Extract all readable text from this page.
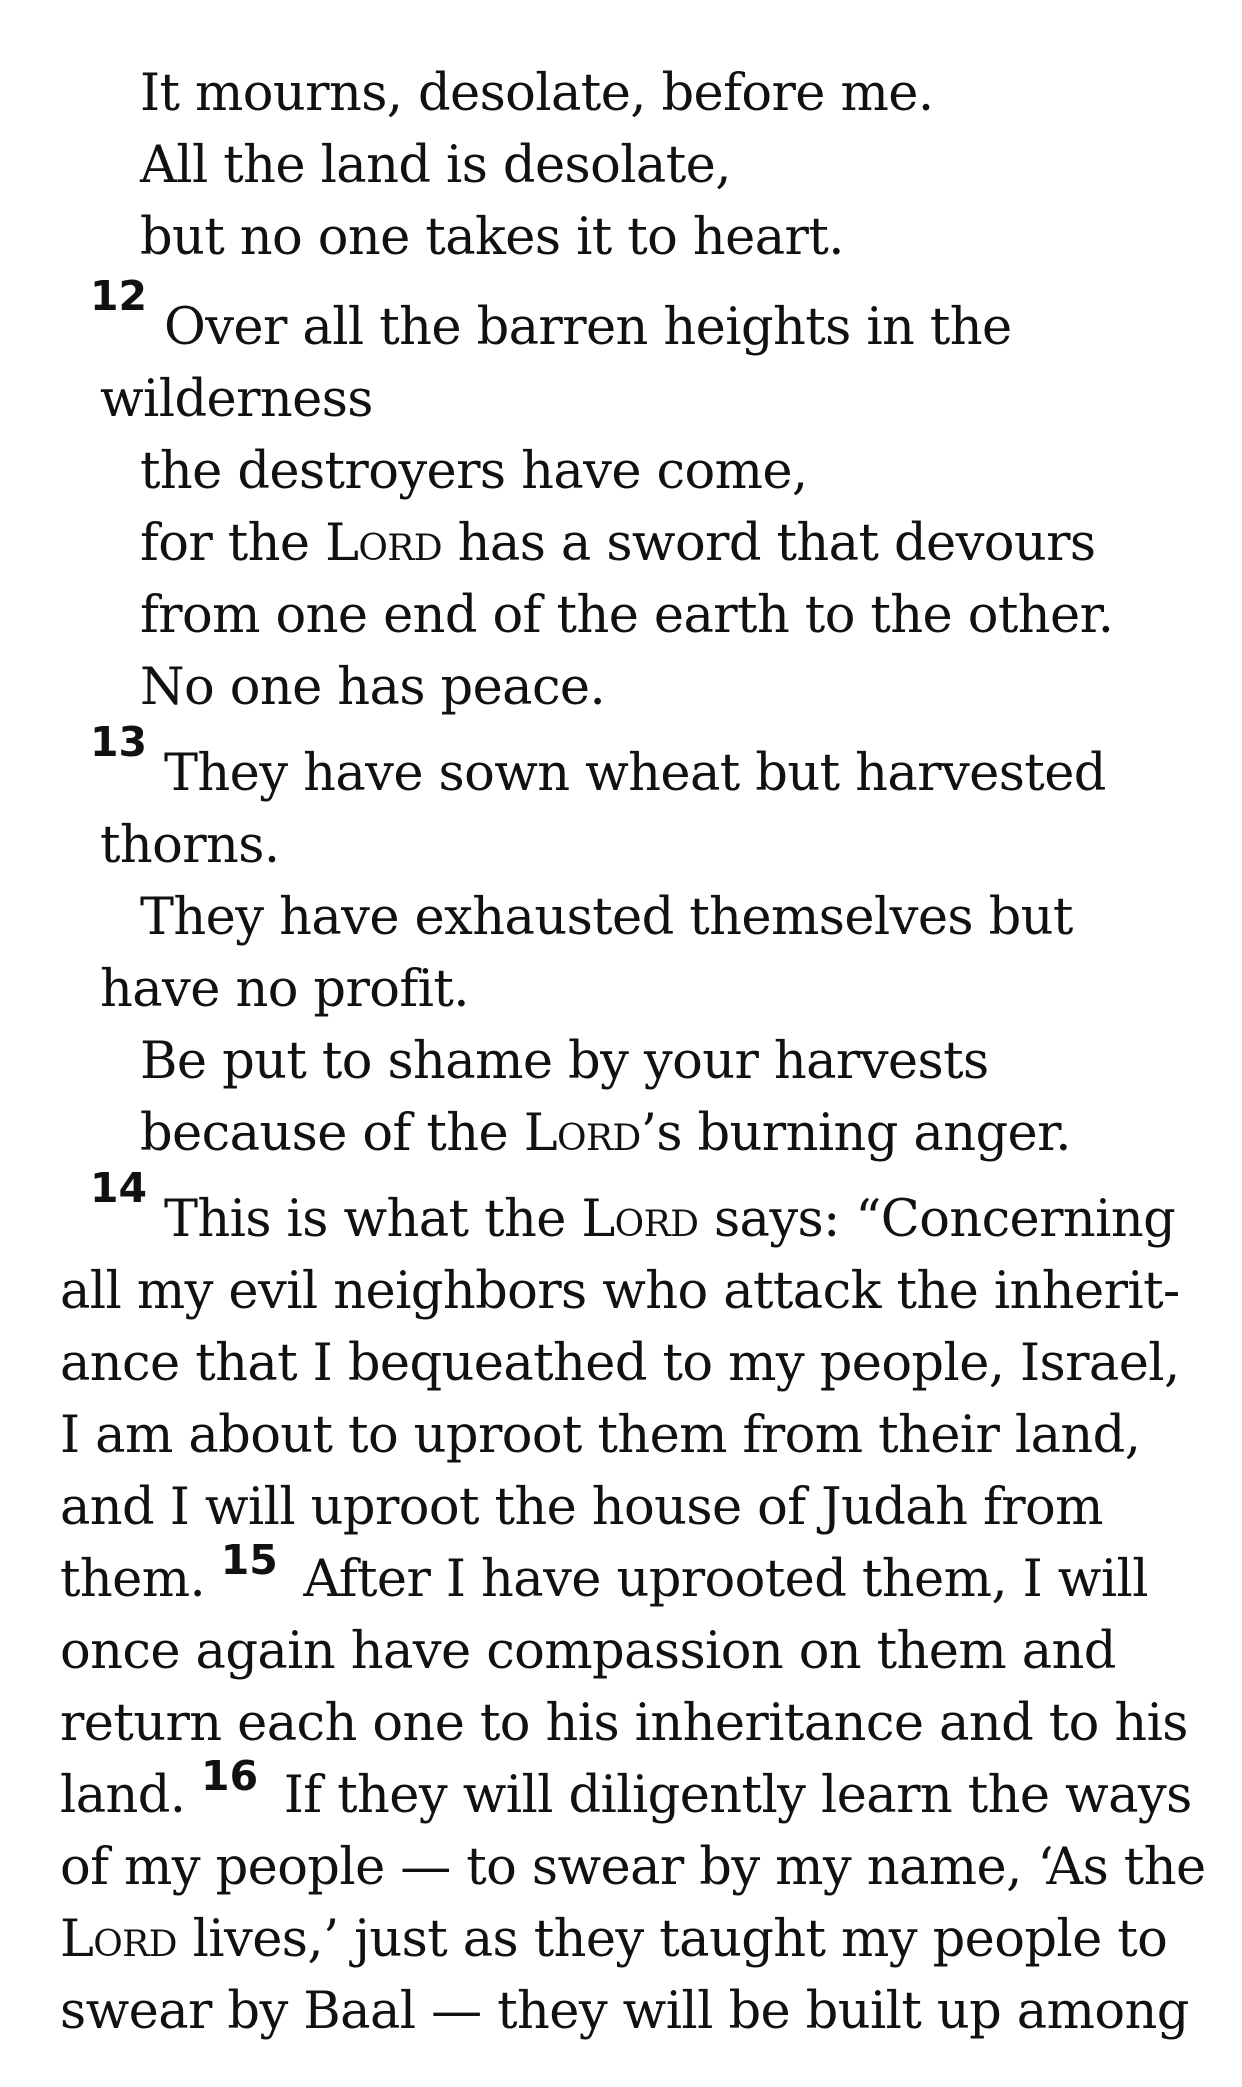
It mourns, desolate, before me.
All the land is desolate,
but no one takes it to heart.
12
Over all the barren heights in the
wilderness
the destroyers have come,
for the Lord has a sword that devours
from one end of the earth to the other.
No one has peace.
13
They have sown wheat but harvested
thorns.
They have exhausted themselves but
have no profit.
Be put to shame by your harvests
because of the Lord’s burning anger.
14
This is what the Lord says: “Concerning
all my evil neighbors who attack the inherit-
ance that I bequeathed to my people, Israel,
I am about to uproot them from their land,
and I will uproot the house of Judah from
them. $^{15}$ After I have uprooted them, I will
once again have compassion on them and
return each one to his inheritance and to his
land. $^{16}$ If they will diligently learn the ways
of my people — to swear by my name, ‘As the
Lord lives,’ just as they taught my people to
swear by Baal — they will be built up among
